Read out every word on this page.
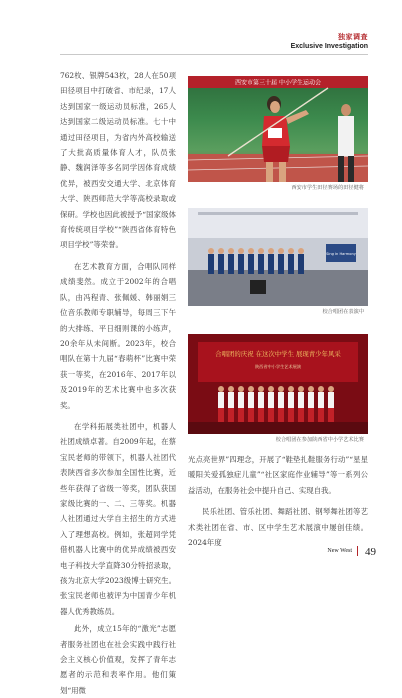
独家调查
Exclusive Investigation

762枚、银牌543枚，28人在50项田径项目中打破省、市纪录，17人达到国家一级运动员标准，265人达到国家二级运动员标准。七十中通过田径项目，为省内外高校输送了大批高质量体育人才，队员张静、魏润泽等多名同学因体育成绩优异，被西安交通大学、北京体育大学、陕西师范大学等高校录取或保研。学校也因此被授予“国家级体育传统项目学校”“陕西省体育特色项目学校”等荣誉。

在艺术教育方面，合唱队同样成绩斐然。成立于2002年的合唱队，由冯程青、张佩媛、韩丽娟三位音乐教师专职辅导，每周三下午的大排练、平日细则课的小练声，20余年从未间断。2023年，校合唱队在第十九届“春萌杯”比赛中荣获一等奖，在2016年、2017年以及2019年的艺术比赛中也多次获奖。

在学科拓展类社团中，机器人社团成绩卓著。自2009年起，在蔡宝民老师的带领下，机器人社团代表陕西省多次参加全国性比赛，近些年获得了省级一等奖，团队获国家级比赛的一、二、三等奖。机器人社团通过大学自主招生的方式进入了理想高校。例如，张超同学凭借机器人比赛中的优异成绩被西安电子科技大学直降30分特招录取，孩为北京大学2023级博士研究生。张宝民老师也被评为中国青少年机器人优秀教练员。

此外，成立15年的“激光”志愿者服务社团也在社会实践中践行社会主义核心价值观，发挥了青年志愿者的示范和表率作用。他们策划“用微

西安市第三十届 中小学生运动会
西安市学生田径赛场的田径健将
Sing in Harmony
校合唱团在表演中
合唱团的庆祝 在这次中学生 展现青少年风采
陕西省中小学生艺术展演
校合唱团在参加陕西省中小学艺术比赛

光点亮世界”四理念，开展了“鞋垫扎鞋服务行动”“星星暖阳关爱孤独症儿童”“社区家庭作业辅导”等一系列公益活动，在服务社会中提升自己、实现自我。

民乐社团、管乐社团、舞蹈社团、钢琴舞社团等艺术类社团在省、市、区中学生艺术展演中屡创佳绩。2024年度

New West 49
